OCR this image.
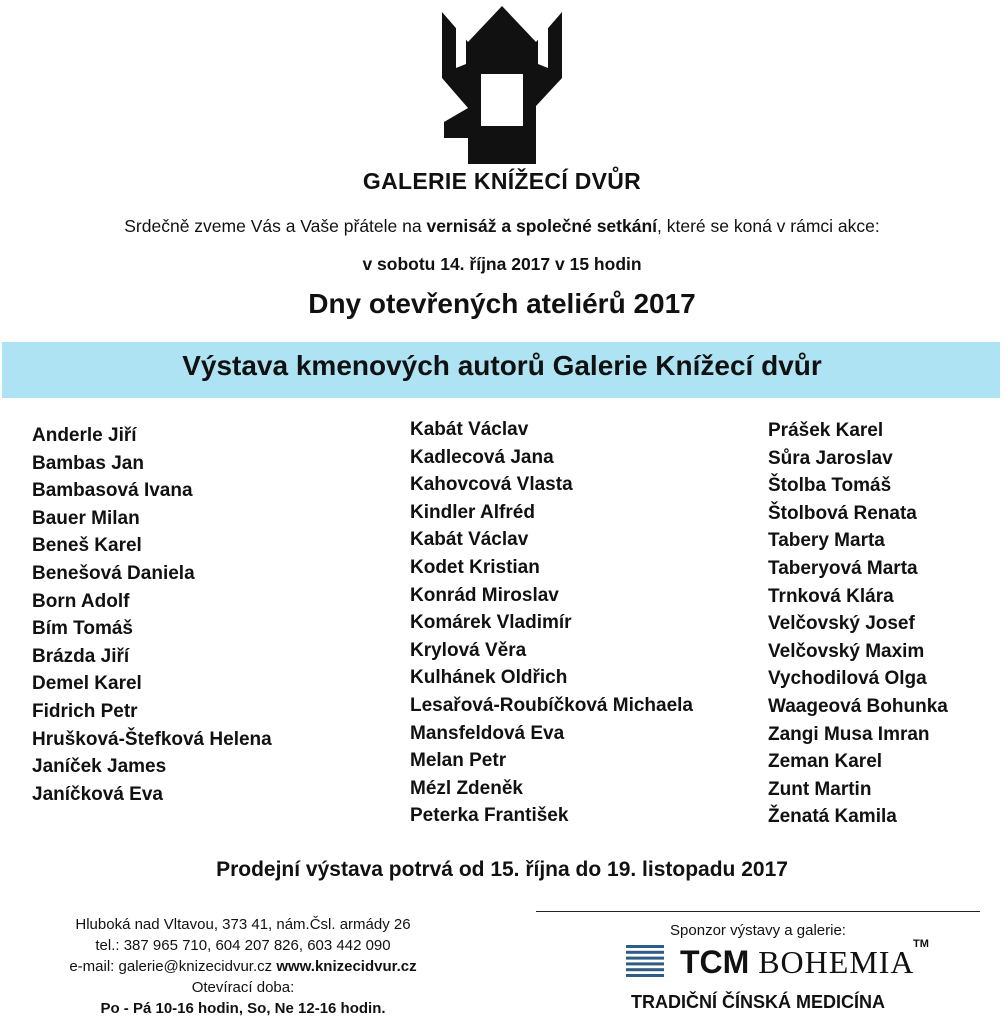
GALERIE KNÍŽECÍ DVŮR
Srdečně zveme Vás a Vaše přátele na vernisáž a společné setkání, které se koná v rámci akce:
v sobotu 14. října 2017 v 15 hodin
Dny otevřených ateliérů 2017
Výstava kmenových autorů Galerie Knížecí dvůr
Anderle Jiří
Bambas Jan
Bambasová Ivana
Bauer Milan
Beneš Karel
Benešová Daniela
Born Adolf
Bím Tomáš
Brázda Jiří
Demel Karel
Fidrich Petr
Hrušková-Štefková Helena
Janíček James
Janíčková Eva
Kabát Václav
Kadlecová Jana
Kahovcová Vlasta
Kindler Alfréd
Kabát Václav
Kodet Kristian
Konrád Miroslav
Komárek Vladimír
Krylová Věra
Kulhánek Oldřich
Lesařová-Roubíčková Michaela
Mansfeldová Eva
Melan Petr
Mézl Zdeněk
Peterka František
Prášek Karel
Sůra Jaroslav
Štolba Tomáš
Štolbová Renata
Tabery Marta
Taberyová Marta
Trnková Klára
Velčovský Josef
Velčovský Maxim
Vychodilová Olga
Waageová Bohunka
Zangi Musa Imran
Zeman Karel
Zunt Martin
Ženatá Kamila
Prodejní výstava potrvá od 15. října do 19. listopadu 2017
Hluboká nad Vltavou, 373 41, nám.Čsl. armády 26
tel.: 387 965 710, 604 207 826, 603 442 090
e-mail: galerie@knizecidvur.cz www.knizecidvur.cz
Otevírací doba:
Po - Pá 10-16 hodin, So, Ne 12-16 hodin.
Sponzor výstavy a galerie:
TCM BOHEMIA
TM
TRADIČNÍ ČÍNSKÁ MEDICÍNA
